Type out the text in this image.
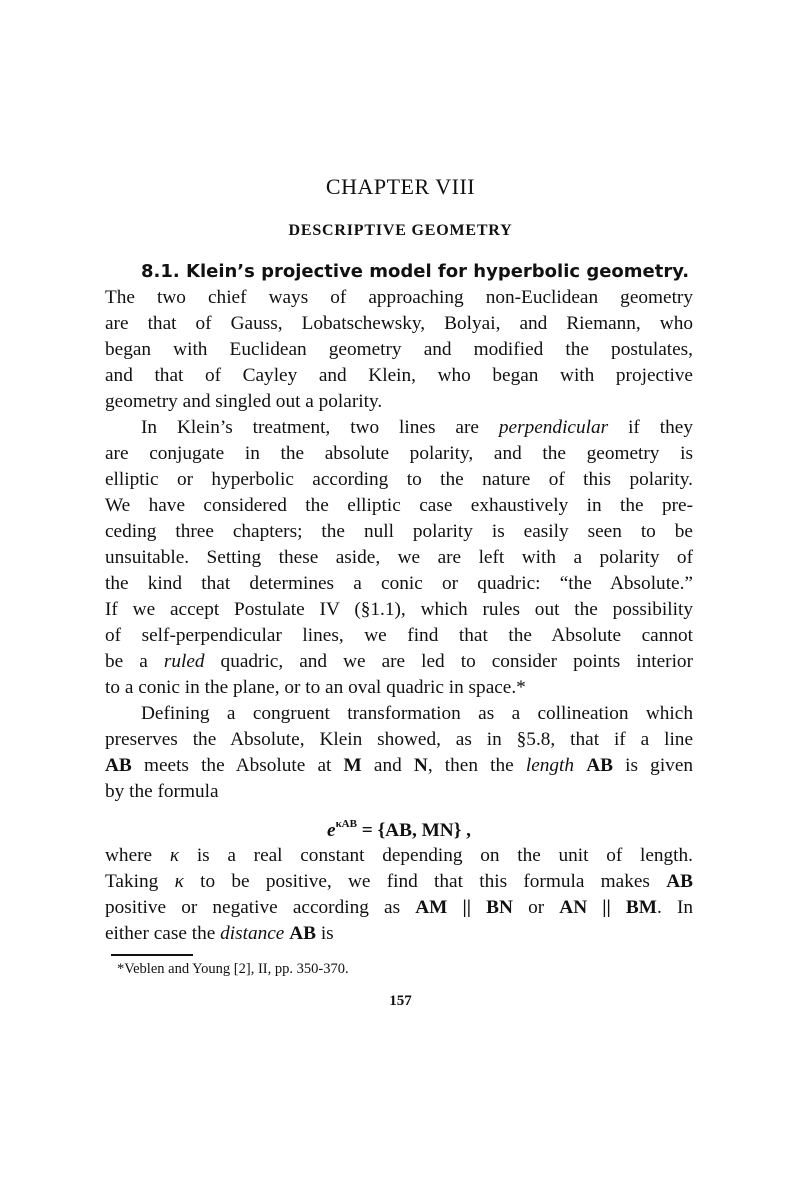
CHAPTER VIII
DESCRIPTIVE GEOMETRY
8.1. Klein’s projective model for hyperbolic geometry.
The two chief ways of approaching non-Euclidean geometry
are that of Gauss, Lobatschewsky, Bolyai, and Riemann, who
began with Euclidean geometry and modified the postulates,
and that of Cayley and Klein, who began with projective
geometry and singled out a polarity.
In Klein’s treatment, two lines are perpendicular if they
are conjugate in the absolute polarity, and the geometry is
elliptic or hyperbolic according to the nature of this polarity.
We have considered the elliptic case exhaustively in the pre-
ceding three chapters; the null polarity is easily seen to be
unsuitable. Setting these aside, we are left with a polarity of
the kind that determines a conic or quadric: “the Absolute.”
If we accept Postulate IV (§1.1), which rules out the possibility
of self-perpendicular lines, we find that the Absolute cannot
be a ruled quadric, and we are led to consider points interior
to a conic in the plane, or to an oval quadric in space.*
Defining a congruent transformation as a collineation which
preserves the Absolute, Klein showed, as in §5.8, that if a line
AB meets the Absolute at M and N, then the length AB is given
by the formula
$e^{\kappa AB} = \{AB$, MN} ,
where κ is a real constant depending on the unit of length.
Taking κ to be positive, we find that this formula makes AB
positive or negative according as AM || BN or AN || BM. In
either case the distance AB is
*Veblen and Young [2], II, pp. 350-370.
157
